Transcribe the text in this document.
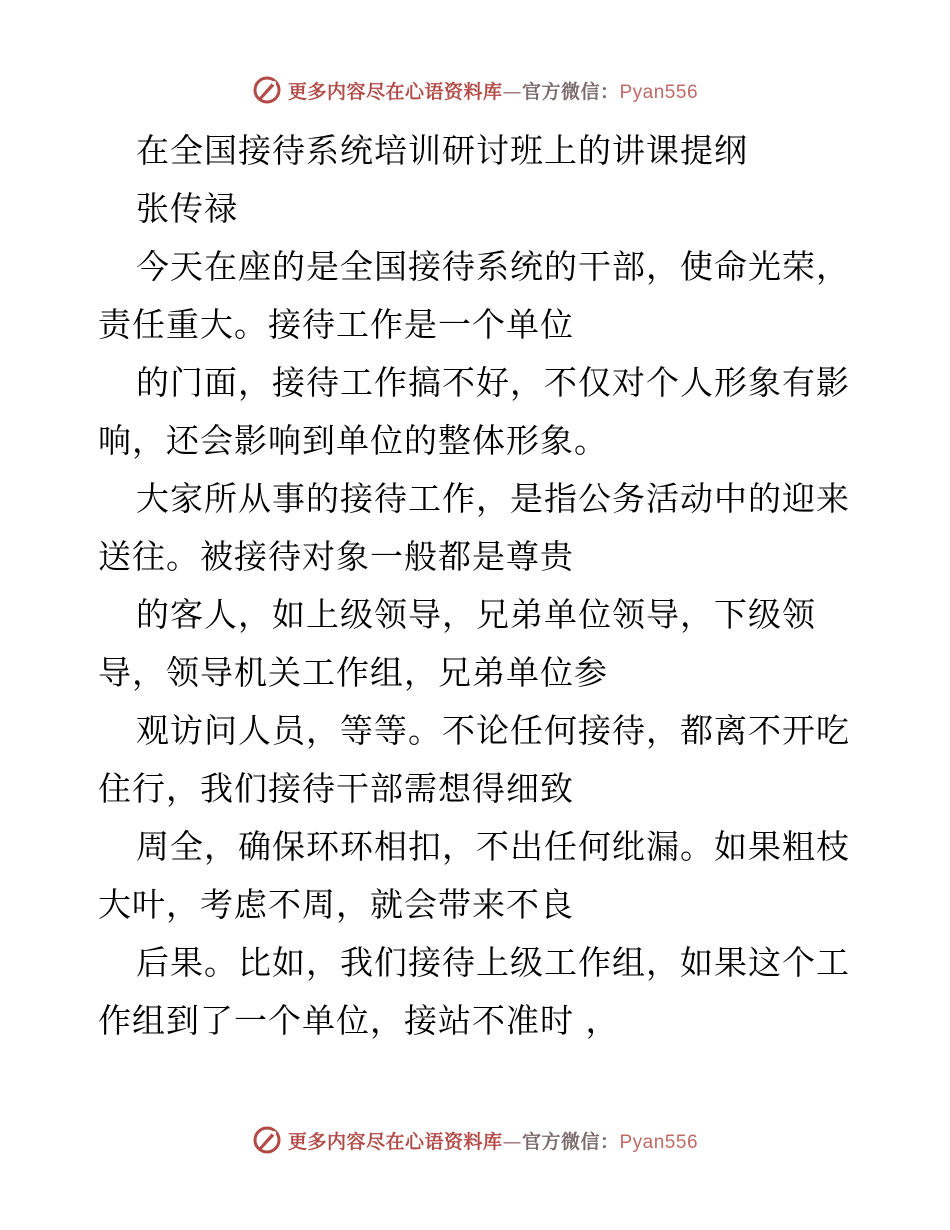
更多内容尽在心语资料库—官方微信：Pyan556
在全国接待系统培训研讨班上的讲课提纲
张传禄
今天在座的是全国接待系统的干部，使命光荣，
责任重大。接待工作是一个单位
的门面，接待工作搞不好，不仅对个人形象有影
响，还会影响到单位的整体形象。
大家所从事的接待工作，是指公务活动中的迎来
送往。被接待对象一般都是尊贵
的客人，如上级领导，兄弟单位领导，下级领
导，领导机关工作组，兄弟单位参
观访问人员，等等。不论任何接待，都离不开吃
住行，我们接待干部需想得细致
周全，确保环环相扣，不出任何纰漏。如果粗枝
大叶，考虑不周，就会带来不良
后果。比如，我们接待上级工作组，如果这个工
作组到了一个单位，接站不准时 ，
更多内容尽在心语资料库—官方微信：Pyan556
